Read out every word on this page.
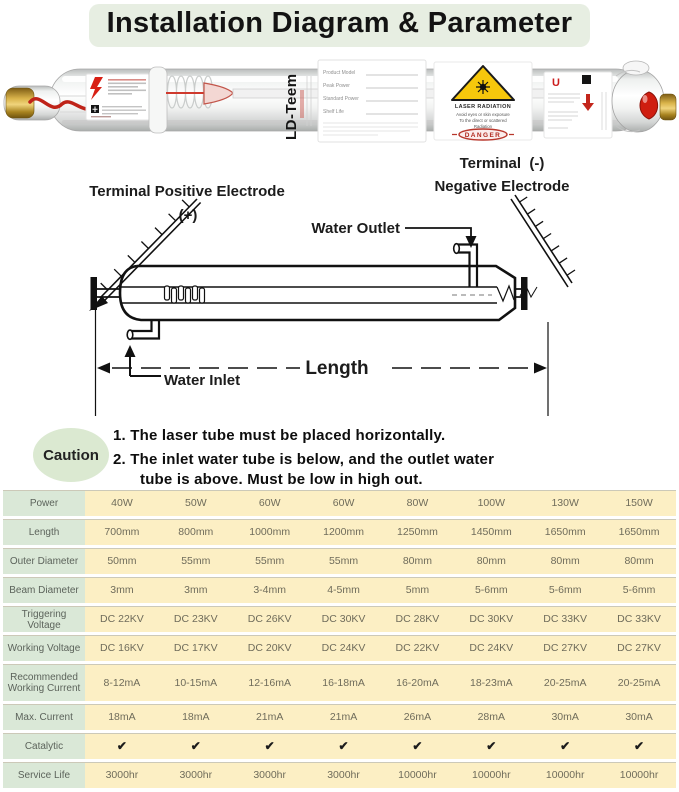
Installation Diagram & Parameter
LD-Teem
Product Model
Peak Power
Standard Power
Shelf Life
LASER RADIATION
Avoid eyes or skin exposure
To the direct or scattered
Radiation
DANGER
U
Terminal Positive Electrode
(+)
Terminal  (-)
Negative Electrode
Water Outlet
Water Inlet
Length
Caution
1. The laser tube must be placed horizontally.
2. The inlet water tube is below, and the outlet water
tube is above. Must be low in high out.
Power	40W	50W	60W	60W	80W	100W	130W	150W
Length	700mm	800mm	1000mm	1200mm	1250mm	1450mm	1650mm	1650mm
Outer Diameter	50mm	55mm	55mm	55mm	80mm	80mm	80mm	80mm
Beam Diameter	3mm	3mm	3-4mm	4-5mm	5mm	5-6mm	5-6mm	5-6mm
Triggering Voltage	DC 22KV	DC 23KV	DC 26KV	DC 30KV	DC 28KV	DC 30KV	DC 33KV	DC 33KV
Working Voltage	DC 16KV	DC 17KV	DC 20KV	DC 24KV	DC 22KV	DC 24KV	DC 27KV	DC 27KV
Recommended Working Current	8-12mA	10-15mA	12-16mA	16-18mA	16-20mA	18-23mA	20-25mA	20-25mA
Max. Current	18mA	18mA	21mA	21mA	26mA	28mA	30mA	30mA
Catalytic	✔	✔	✔	✔	✔	✔	✔	✔
Service Life	3000hr	3000hr	3000hr	3000hr	10000hr	10000hr	10000hr	10000hr
